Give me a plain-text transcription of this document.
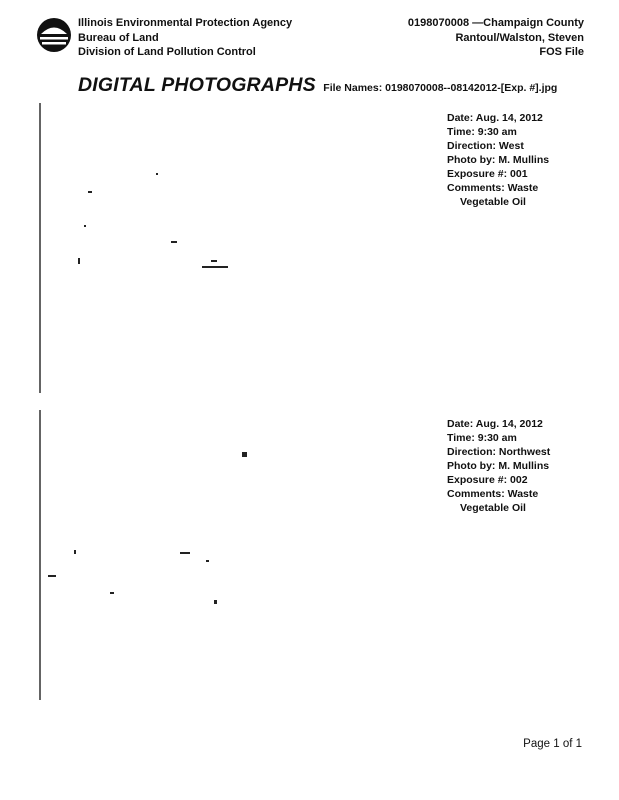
Illinois Environmental Protection Agency
Bureau of Land
Division of Land Pollution Control
0198070008 —Champaign County
Rantoul/Walston, Steven
FOS File
DIGITAL PHOTOGRAPHS File Names: 0198070008--08142012-[Exp. #].jpg
Date: Aug. 14, 2012
Time: 9:30 am
Direction: West
Photo by: M. Mullins
Exposure #: 001
Comments: Waste
Vegetable Oil
Date: Aug. 14, 2012
Time: 9:30 am
Direction: Northwest
Photo by: M. Mullins
Exposure #: 002
Comments: Waste
Vegetable Oil
Page 1 of 1
